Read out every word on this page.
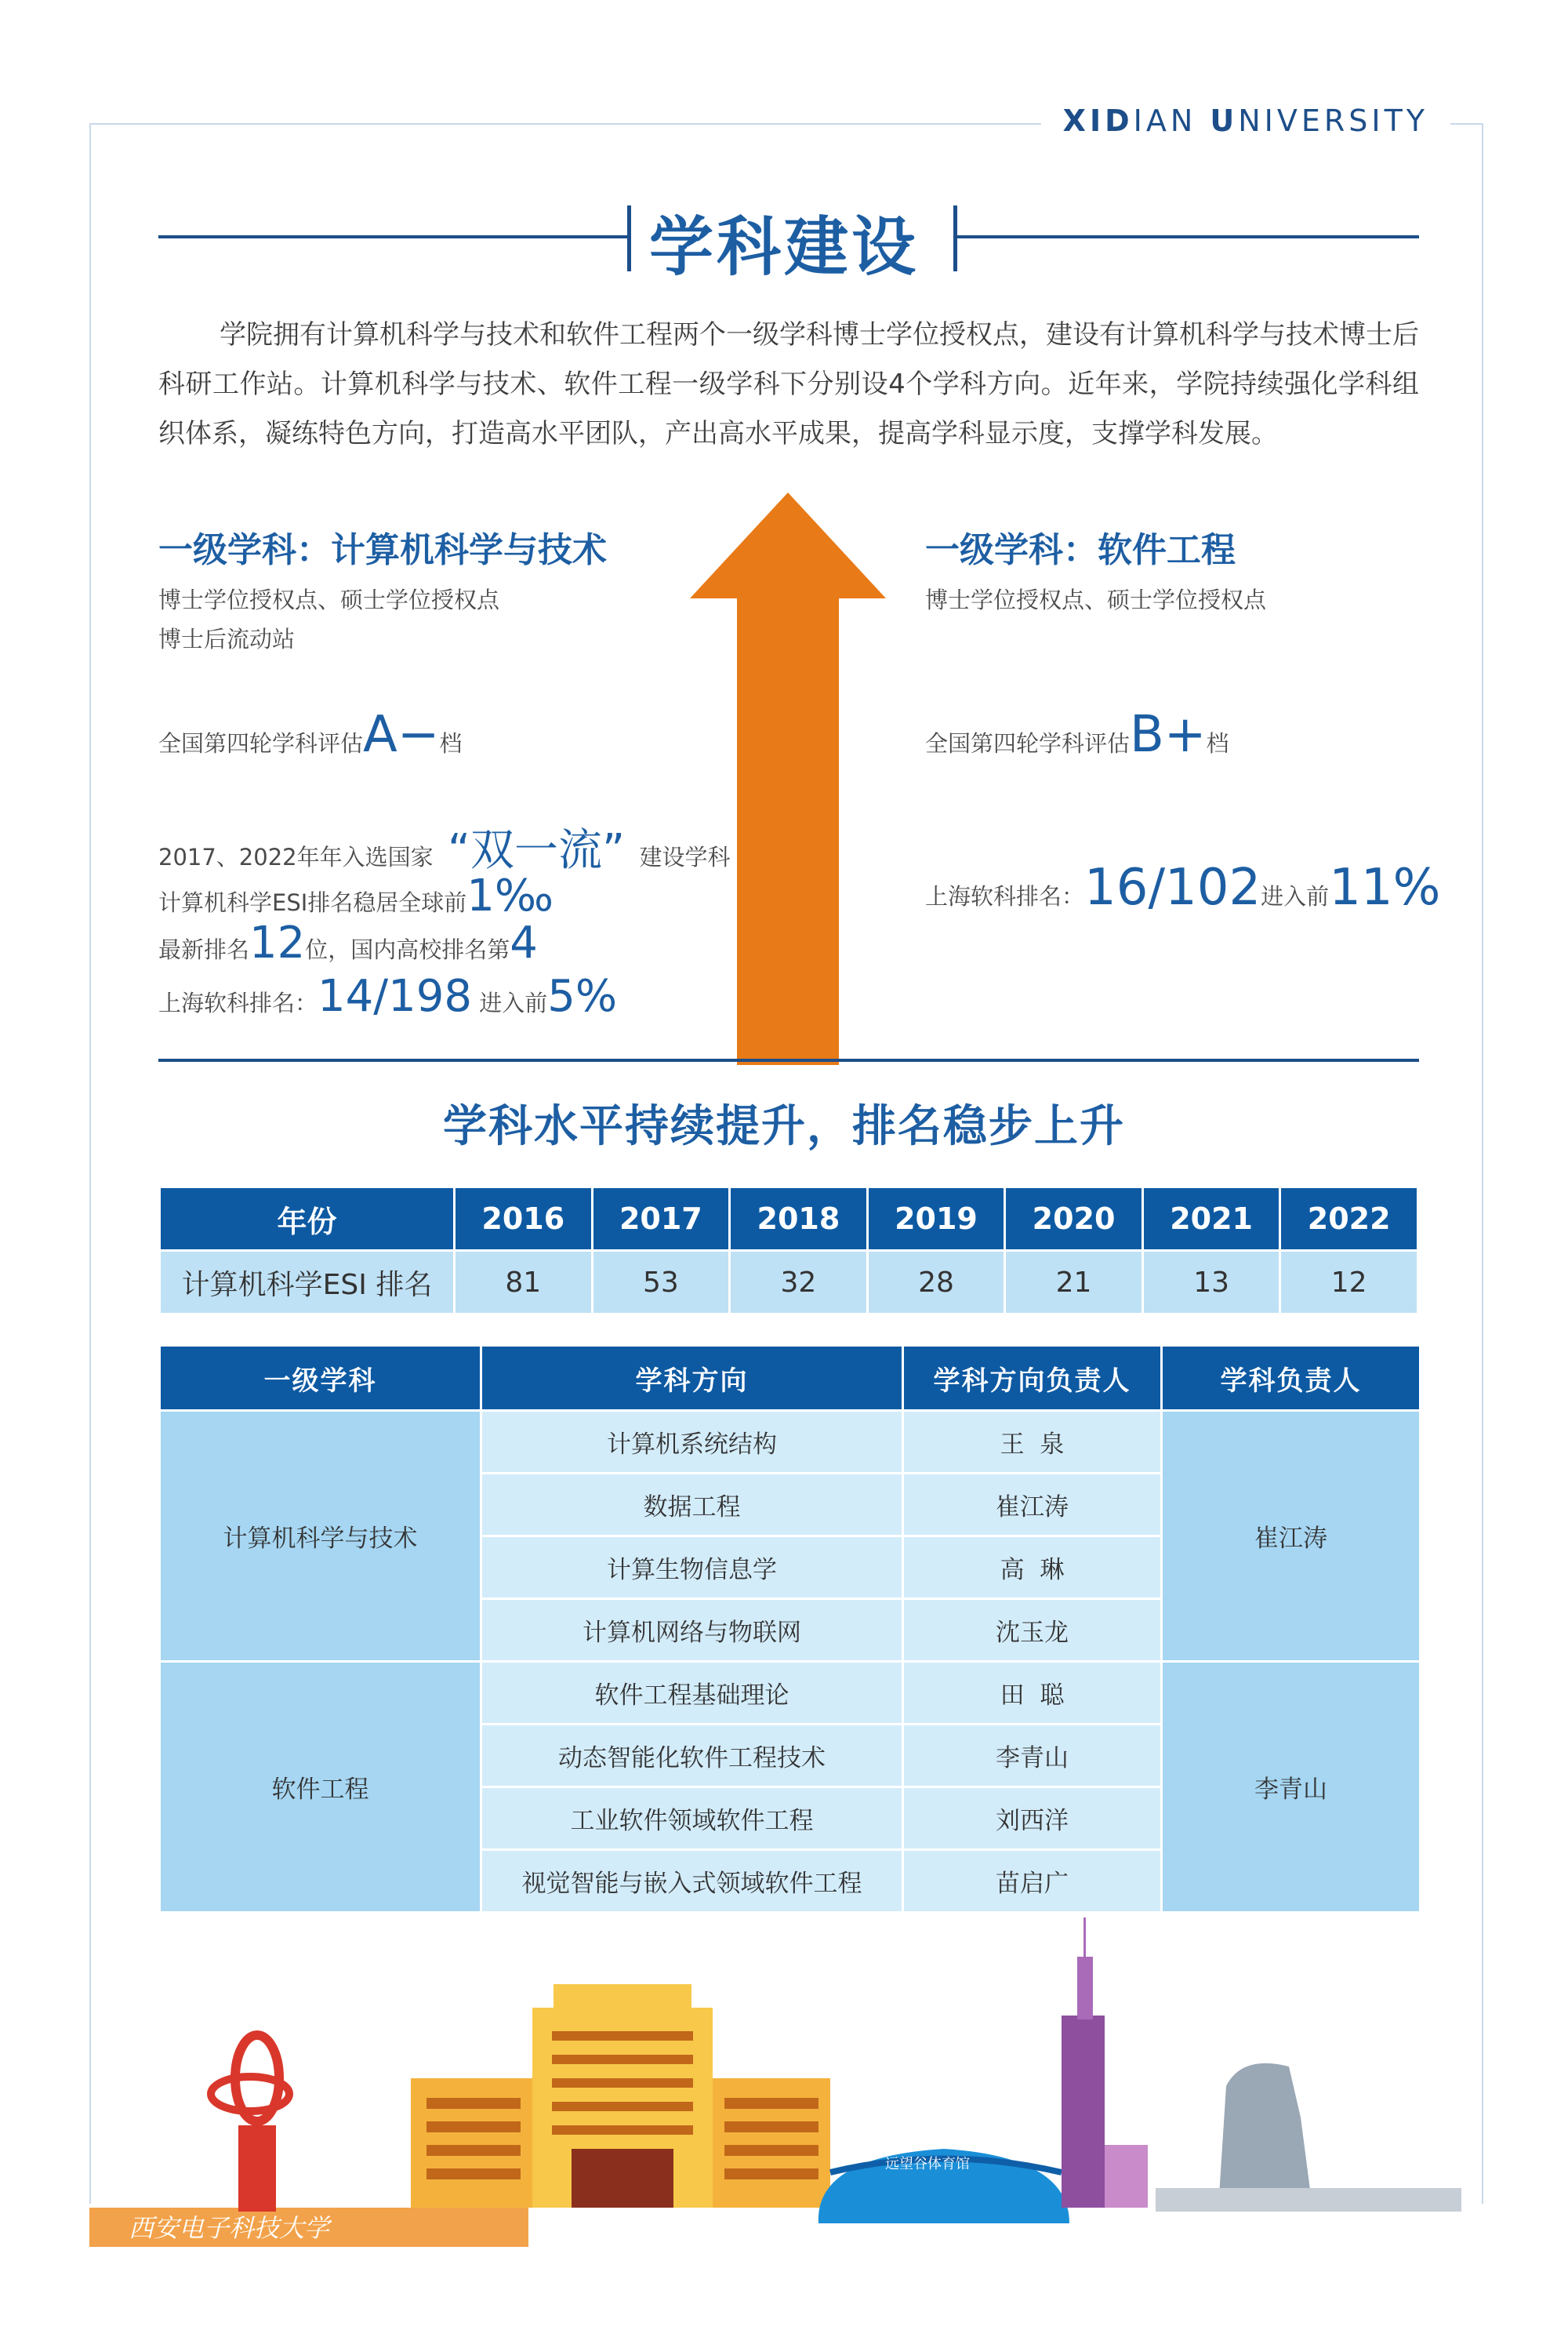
XIDIAN UNIVERSITY
学科建设
学院拥有计算机科学与技术和软件工程两个一级学科博士学位授权点，建设有计算机科学与技术博士后科研工作站。计算机科学与技术、软件工程一级学科下分别设4个学科方向。近年来，学院持续强化学科组织体系，凝练特色方向，打造高水平团队，产出高水平成果，提高学科显示度，支撑学科发展。
一级学科：计算机科学与技术
博士学位授权点、硕士学位授权点
博士后流动站
全国第四轮学科评估A−档
2017、2022年年入选国家 “双一流” 建设学科
计算机科学ESI排名稳居全球前1‰
最新排名12位，国内高校排名第4
上海软科排名：14/198 进入前5%
一级学科：软件工程
博士学位授权点、硕士学位授权点
全国第四轮学科评估B+档
上海软科排名：16/102进入前11%
学科水平持续提升，排名稳步上升
年份	2016	2017	2018	2019	2020	2021	2022
计算机科学ESI 排名	81	53	32	28	21	13	12
一级学科	学科方向	学科方向负责人	学科负责人
计算机科学与技术	计算机系统结构	王  泉	崔江涛
	数据工程	崔江涛	
	计算生物信息学	高  琳	
	计算机网络与物联网	沈玉龙	
软件工程	软件工程基础理论	田  聪	李青山
	动态智能化软件工程技术	李青山	
	工业软件领域软件工程	刘西洋	
	视觉智能与嵌入式领域软件工程	苗启广	
远望谷体育馆
西安电子科技大学
